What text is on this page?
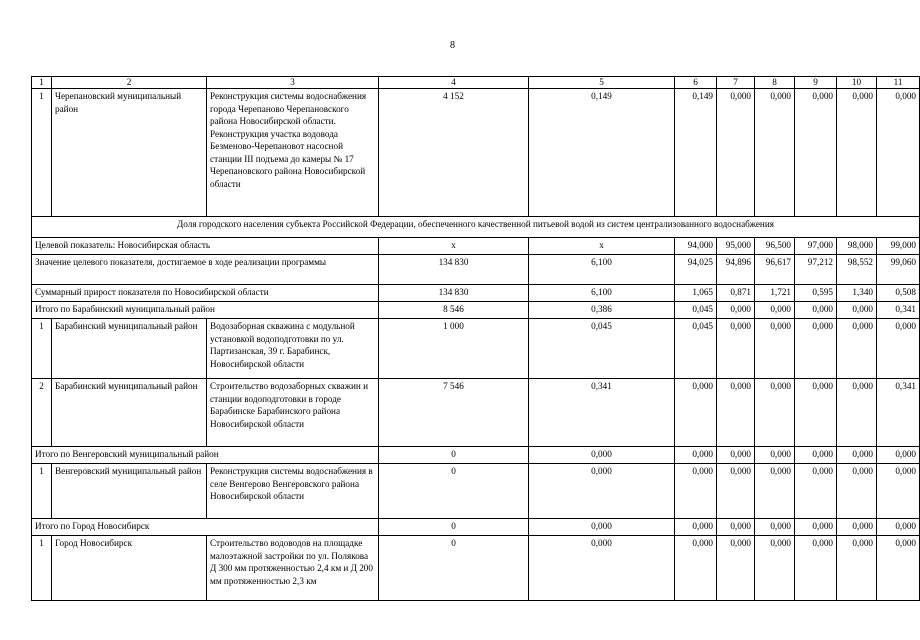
8
1	2	3	4	5	6	7	8	9	10	11
1	Черепановский муниципальный район	Реконструкция системы водоснабжения города Черепаново Черепановского района Новосибирской области. Реконструкция участка водовода Безменово-Черепановот насосной станции III подъема до камеры № 17 Черепановского района Новосибирской области	4 152	0,149	0,149	0,000	0,000	0,000	0,000	0,000
Доля городского населения субъекта Российской Федерации, обеспеченного качественной питьевой водой из систем централизованного водоснабжения										
Целевой показатель: Новосибирская область			x	x	94,000	95,000	96,500	97,000	98,000	99,000
Значение целевого показателя, достигаемое в ходе реализации программы			134 830	6,100	94,025	94,896	96,617	97,212	98,552	99,060
Суммарный прирост показателя по Новосибирской области			134 830	6,100	1,065	0,871	1,721	0,595	1,340	0,508
Итого по Барабинский муниципальный район			8 546	0,386	0,045	0,000	0,000	0,000	0,000	0,341
1	Барабинский муниципальный район	Водозаборная скважина с модульной установкой водоподготовки по ул. Партизанская, 39 г. Барабинск, Новосибирской области	1 000	0,045	0,045	0,000	0,000	0,000	0,000	0,000
2	Барабинский муниципальный район	Строительство водозаборных скважин и станции водоподготовки в городе Барабинске Барабинского района Новосибирской области	7 546	0,341	0,000	0,000	0,000	0,000	0,000	0,341
Итого по Венгеровский муниципальный район			0	0,000	0,000	0,000	0,000	0,000	0,000	0,000
1	Венгеровский муниципальный район	Реконструкция системы водоснабжения в селе Венгерово Венгеровского района Новосибирской области	0	0,000	0,000	0,000	0,000	0,000	0,000	0,000
Итого по Город Новосибирск			0	0,000	0,000	0,000	0,000	0,000	0,000	0,000
1	Город Новосибирск	Строительство водоводов на площадке малоэтажной застройки по ул. Полякова Д 300 мм протяженностью 2,4 км и Д 200 мм протяженностью 2,3 км	0	0,000	0,000	0,000	0,000	0,000	0,000	0,000
